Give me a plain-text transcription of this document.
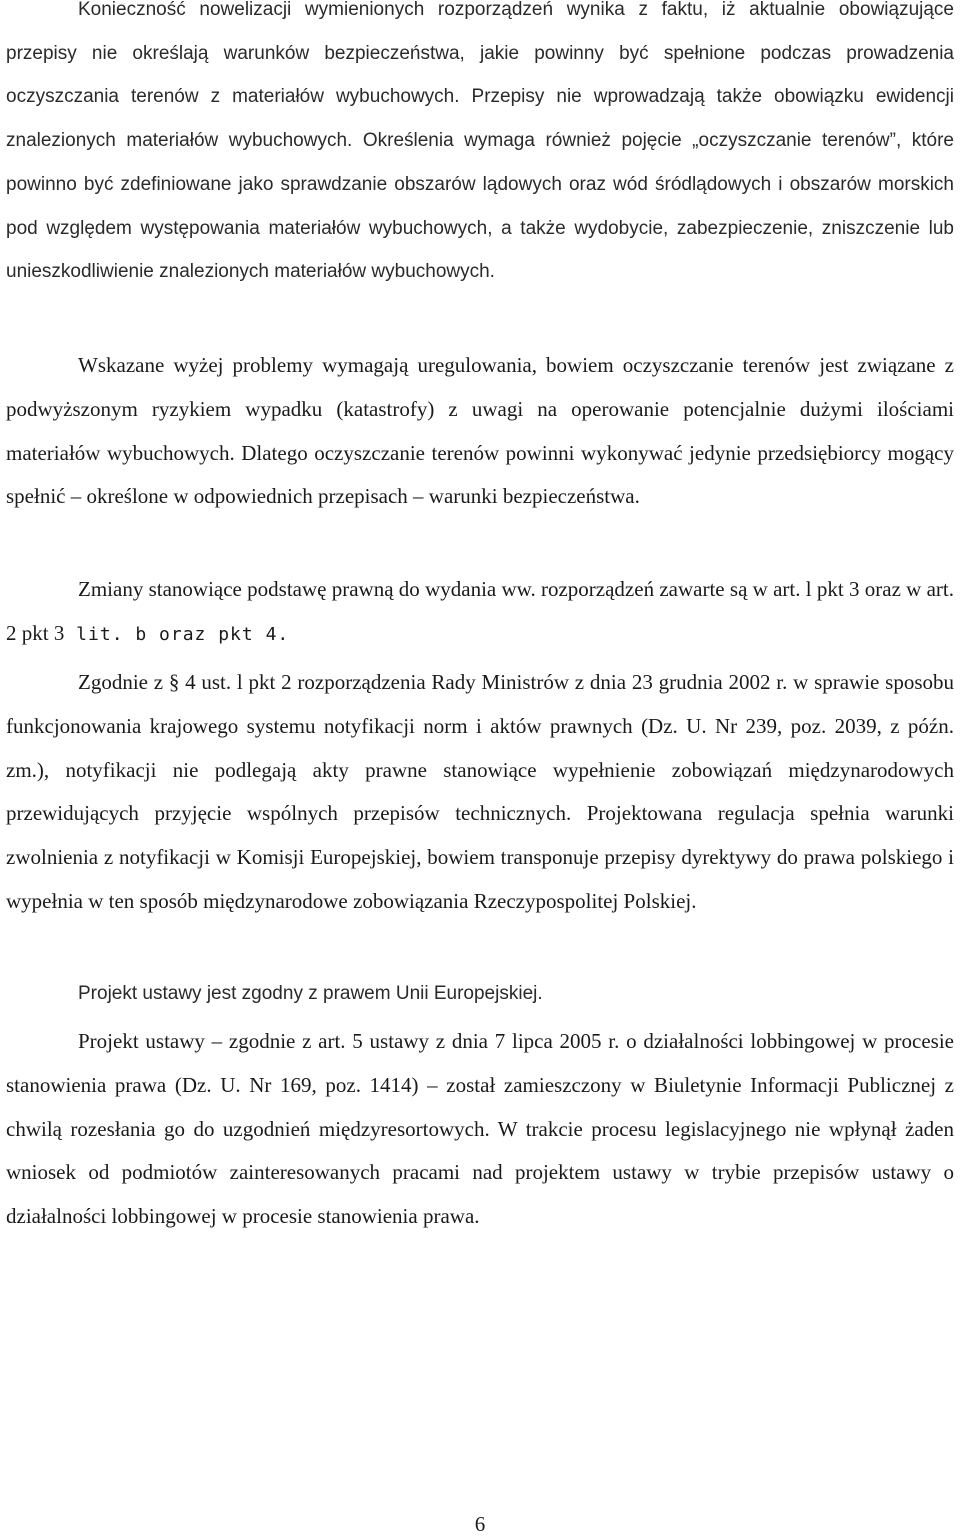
Konieczność nowelizacji wymienionych rozporządzeń wynika z faktu, iż aktualnie obowiązujące przepisy nie określają warunków bezpieczeństwa, jakie powinny być spełnione podczas prowadzenia oczyszczania terenów z materiałów wybuchowych. Przepisy nie wprowadzają także obowiązku ewidencji znalezionych materiałów wybuchowych. Określenia wymaga również pojęcie „oczyszczanie terenów”, które powinno być zdefiniowane jako sprawdzanie obszarów lądowych oraz wód śródlądowych i obszarów morskich pod względem występowania materiałów wybuchowych, a także wydobycie, zabezpieczenie, zniszczenie lub unieszkodliwienie znalezionych materiałów wybuchowych.

Wskazane wyżej problemy wymagają uregulowania, bowiem oczyszczanie terenów jest związane z podwyższonym ryzykiem wypadku (katastrofy) z uwagi na operowanie potencjalnie dużymi ilościami materiałów wybuchowych. Dlatego oczyszczanie terenów powinni wykonywać jedynie przedsiębiorcy mogący spełnić – określone w odpowiednich przepisach – warunki bezpieczeństwa.

Zmiany stanowiące podstawę prawną do wydania ww. rozporządzeń zawarte są w art. l pkt 3 oraz w art. 2 pkt 3 lit. b oraz pkt 4.

Zgodnie z § 4 ust. l pkt 2 rozporządzenia Rady Ministrów z dnia 23 grudnia 2002 r. w sprawie sposobu funkcjonowania krajowego systemu notyfikacji norm i aktów prawnych (Dz. U. Nr 239, poz. 2039, z późn. zm.), notyfikacji nie podlegają akty prawne stanowiące wypełnienie zobowiązań międzynarodowych przewidujących przyjęcie wspólnych przepisów technicznych. Projektowana regulacja spełnia warunki zwolnienia z notyfikacji w Komisji Europejskiej, bowiem transponuje przepisy dyrektywy do prawa polskiego i wypełnia w ten sposób międzynarodowe zobowiązania Rzeczypospolitej Polskiej.

Projekt ustawy jest zgodny z prawem Unii Europejskiej.

Projekt ustawy – zgodnie z art. 5 ustawy z dnia 7 lipca 2005 r. o działalności lobbingowej w procesie stanowienia prawa (Dz. U. Nr 169, poz. 1414) – został zamieszczony w Biuletynie Informacji Publicznej z chwilą rozesłania go do uzgodnień międzyresortowych. W trakcie procesu legislacyjnego nie wpłynął żaden wniosek od podmiotów zainteresowanych pracami nad projektem ustawy w trybie przepisów ustawy o działalności lobbingowej w procesie stanowienia prawa.

6
